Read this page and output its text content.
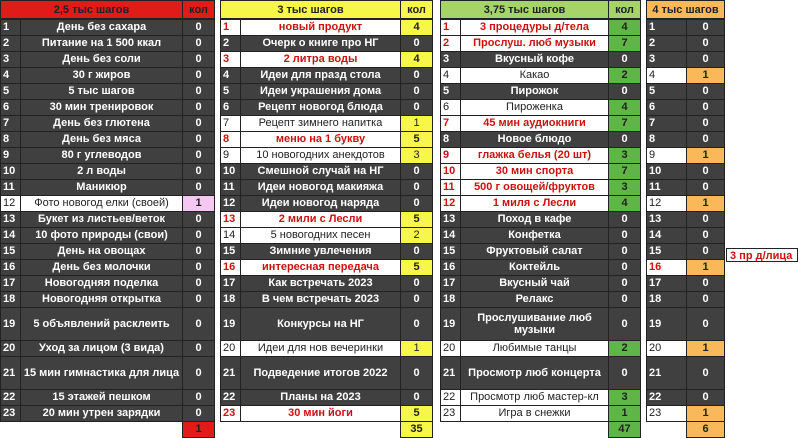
2,5 тыс шагов		кол
1	День без сахара	0
2	Питание на 1 500 ккал	0
3	День без соли	0
4	30 г жиров	0
5	5 тыс шагов	0
6	30 мин тренировок	0
7	День без глютена	0
8	День без мяса	0
9	80 г углеводов	0
10	2 л воды	0
11	Маникюр	0
12	Фото новогод елки (своей)	1
13	Букет из листьев/веток	0
14	10 фото природы (свои)	0
15	День на овощах	0
16	День без молочки	0
17	Новогодняя поделка	0
18	Новогодняя открытка	0
19	5 объявлений расклеить	0
20	Уход за лицом (3 вида)	0
21	15 мин гимнастика для лица	0
22	15 этажей пешком	0
23	20 мин утрен зарядки	0
		1
3 тыс шагов		кол
1	новый продукт	4
2	Очерк о книге про НГ	0
3	2 литра воды	4
4	Идеи для празд стола	0
5	Идеи украшения дома	0
6	Рецепт новогод блюда	0
7	Рецепт зимнего напитка	1
8	меню на 1 букву	5
9	10 новогодних анекдотов	3
10	Смешной случай на НГ	0
11	Идеи новогод макияжа	0
12	Идеи новогод наряда	0
13	2 мили с Лесли	5
14	5 новогодних песен	2
15	Зимние увлечения	0
16	интересная передача	5
17	Как встречать 2023	0
18	В чем встречать 2023	0
19	Конкурсы на НГ	0
20	Идеи для нов вечеринки	1
21	Подведение итогов 2022	0
22	Планы на 2023	0
23	30 мин йоги	5
		35
3,75 тыс шагов		кол
1	3 процедуры д/тела	4
2	Прослуш. люб музыки	7
3	Вкусный кофе	0
4	Какао	2
5	Пирожок	0
6	Пироженка	4
7	45 мин аудиокниги	7
8	Новое блюдо	0
9	глажка белья (20 шт)	3
10	30 мин спорта	7
11	500 г овощей/фруктов	3
12	1 миля с Лесли	4
13	Поход в кафе	0
14	Конфетка	0
15	Фруктовый салат	0
16	Коктейль	0
17	Вкусный чай	0
18	Релакс	0
19	Прослушивание люб музыки	0
20	Любимые танцы	2
21	Просмотр люб концерта	0
22	Просмотр люб мастер-кл	3
23	Игра в снежки	1
		47
4 тыс шагов	
1	0
2	0
3	0
4	1
5	0
6	0
7	0
8	0
9	1
10	0
11	0
12	1
13	0
14	0
15	0
16	1
17	0
18	0
19	0
20	1
21	0
22	0
23	1
	6
3 пр д/лица
